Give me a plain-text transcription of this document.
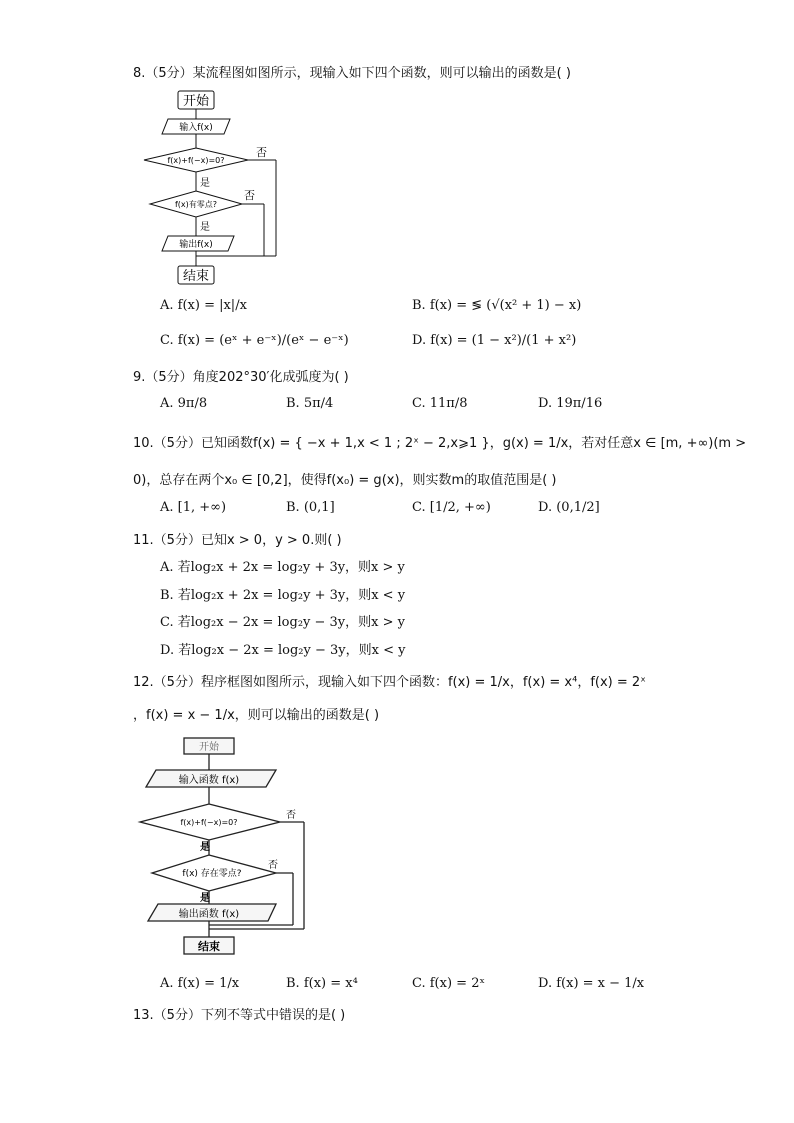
8.（5分）某流程图如图所示，现输入如下四个函数，则可以输出的函数是( )
开始
输入f(x)
f(x)+f(−x)=0?
否
是
f(x)有零点?
否
是
输出f(x)
结束
A. f(x) = |x|/x	B. f(x) = ≶ (√(x² + 1) − x)
C. f(x) = (eˣ + e⁻ˣ)/(eˣ − e⁻ˣ)	D. f(x) = (1 − x²)/(1 + x²)
9.（5分）角度202°30′化成弧度为( )
A. 9π/8	B. 5π/4	C. 11π/8	D. 19π/16
10.（5分）已知函数f(x) = { −x + 1,x < 1 ; 2ˣ − 2,x⩾1 }，g(x) = 1/x，若对任意x ∈ [m, +∞)(m >
0)，总存在两个x₀ ∈ [0,2]，使得f(x₀) = g(x)，则实数m的取值范围是( )
A. [1, +∞)	B. (0,1]	C. [1/2, +∞)	D. (0,1/2]
11.（5分）已知x > 0，y > 0.则( )
A. 若log₂x + 2x = log₂y + 3y，则x > y
B. 若log₂x + 2x = log₂y + 3y，则x < y
C. 若log₂x − 2x = log₂y − 3y，则x > y
D. 若log₂x − 2x = log₂y − 3y，则x < y
12.（5分）程序框图如图所示，现输入如下四个函数：f(x) = 1/x，f(x) = x⁴，f(x) = 2ˣ
，f(x) = x − 1/x，则可以输出的函数是( )
开始
输入函数 f(x)
f(x)+f(−x)=0?
否
是
f(x) 存在零点?
否
是
输出函数 f(x)
结束
A. f(x) = 1/x	B. f(x) = x⁴	C. f(x) = 2ˣ	D. f(x) = x − 1/x
13.（5分）下列不等式中错误的是( )
